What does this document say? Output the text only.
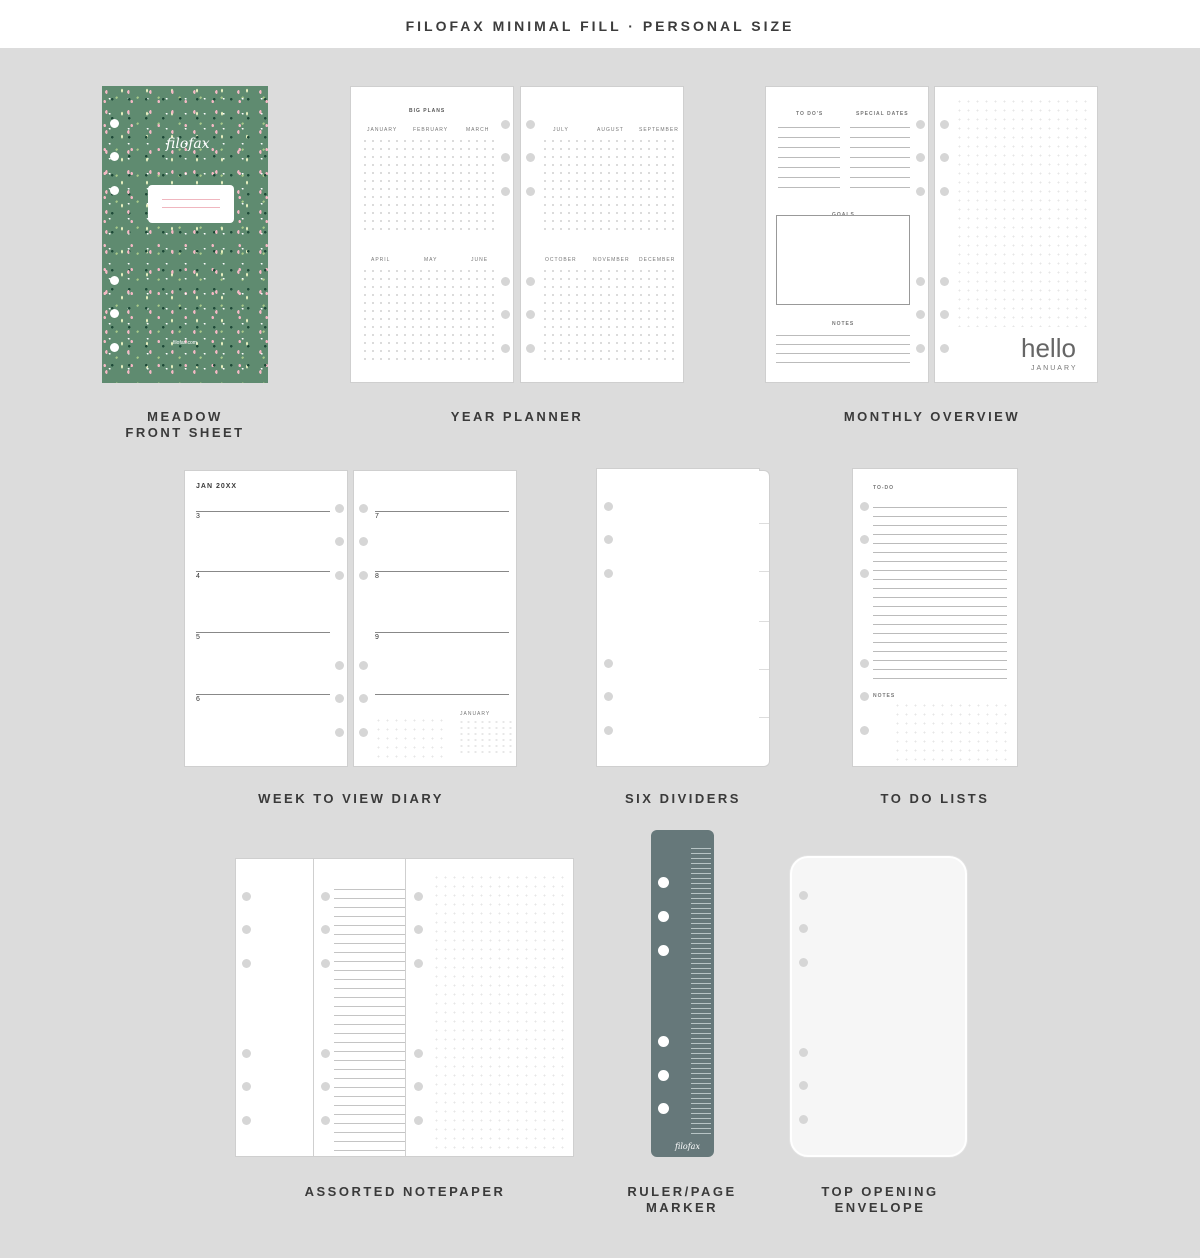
FILOFAX MINIMAL FILL · PERSONAL SIZE
filofax
filofax.com
MEADOW
FRONT SHEET
BIG PLANS
JANUARY	FEBRUARY	MARCH
APRIL	MAY	JUNE
JULY	AUGUST	SEPTEMBER
OCTOBER	NOVEMBER DECEMBER
YEAR PLANNER
TO DO'S	SPECIAL DATES
GOALS
NOTES
hello
JANUARY
MONTHLY OVERVIEW
JAN 20XX
3
4
5
6
7
8
9
JANUARY
WEEK TO VIEW DIARY	SIX DIVIDERS
TO-DO
NOTES
TO DO LISTS
ASSORTED NOTEPAPER
filofax
RULER/PAGE
MARKER
TOP OPENING
ENVELOPE
